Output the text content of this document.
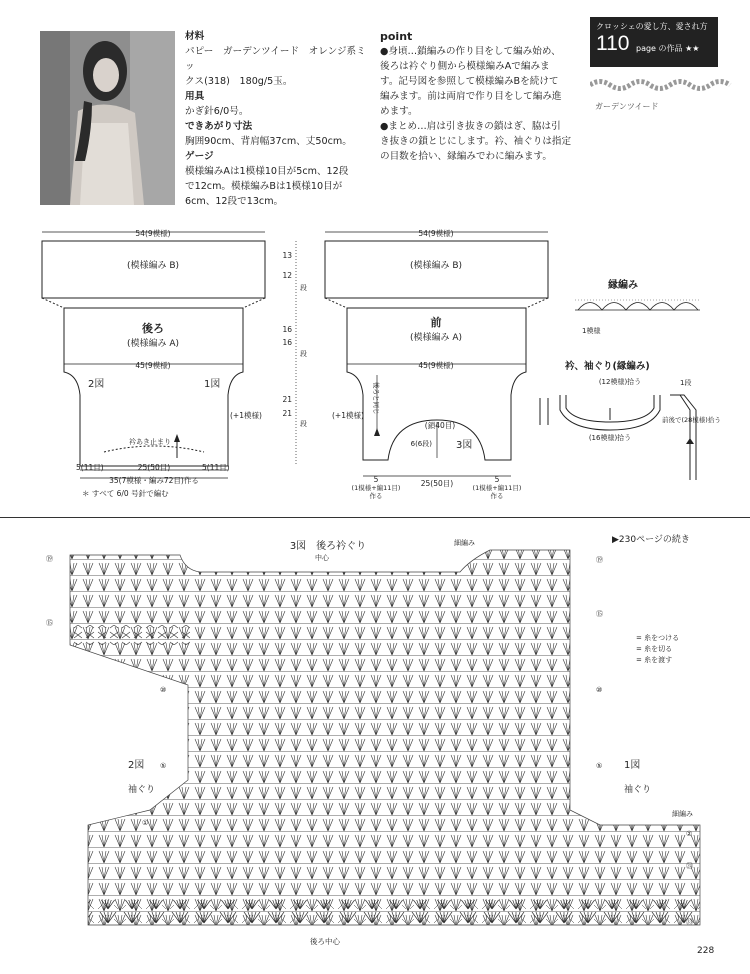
材料
パピー　ガーデンツイード　オレンジ系ミッ
クス(318)　180g/5玉。
用具
かぎ針6/0号。
できあがり寸法
胸囲90cm、背肩幅37cm、丈50cm。
ゲージ
模様編みAは1模様10目が5cm、12段
で12cm。模様編みBは1模様10目が
6cm、12段で13cm。
point
●身頃…鎖編みの作り目をして編み始め、
後ろは衿ぐり側から模様編みAで編みま
す。記号図を参照して模様編みBを続けて
編みます。前は両肩で作り目をして編み進
めます。
●まとめ…肩は引き抜きの鎖はぎ、脇は引
き抜きの鎖とじにします。衿、袖ぐりは指定
の目数を拾い、縁編みでわに編みます。
クロッシェの愛し方、愛され方
110 page の作品 ★★
ガーデンツイード
54(9模様)
(模様編み B)
後ろ
(模様編み A)
45(9模様)
2図	1図
(+1模様)
衿あき止まり
5(11目)	25(50目)	5(11目)
35(7模様・編み72目)作る
＊ すべて 6/0 号針で編む
54(9模様)
(模様編み B)
前
(模様編み A)
45(9模様)
(+1模様)
後ろと同じ
(鎖40目)
6(6段) 3図
5
(1模様+編11目)
作る
25(50目)	5
(1模様+編11目)
作る
13
12
段
16
16
段
21
21
段
縁編み
1模様
衿、袖ぐり(縁編み)
(12模様)拾う
(16模様)拾う
前後で(28模様)拾う
1段
3図　後ろ衿ぐり
中心
▶230ページの続き
2図
袖ぐり
1図
袖ぐり
後ろ中心
細編み
細編み
= 糸をつける
= 糸を切る
= 糸を渡す
228
⑲
⑮
⑩
⑤
①
⑲
⑮
⑩
⑤
②
㉔
㉝
